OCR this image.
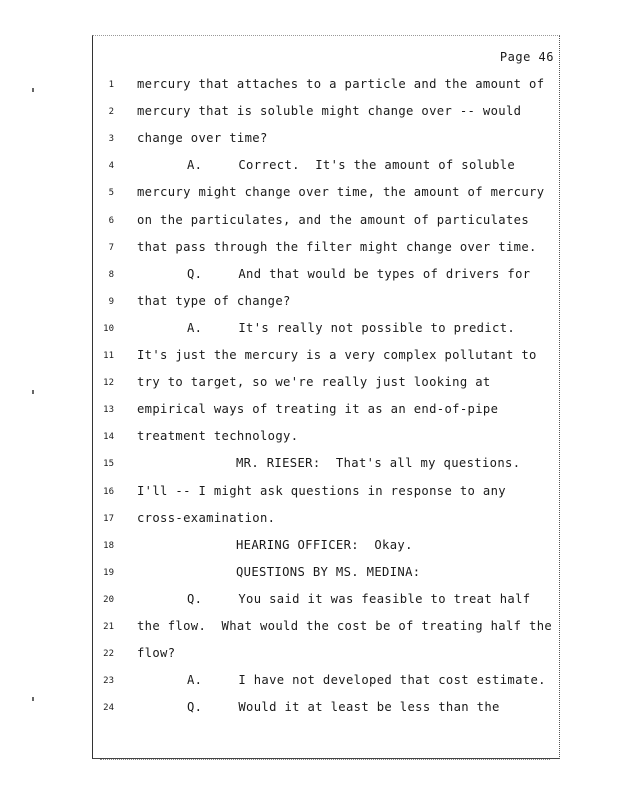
Page 46
1 mercury that attaches to a particle and the amount of
2 mercury that is soluble might change over -- would
3 change over time?
4	A.	Correct.  It's the amount of soluble
5 mercury might change over time, the amount of mercury
6 on the particulates, and the amount of particulates
7 that pass through the filter might change over time.
8	Q.	And that would be types of drivers for
9 that type of change?
10	A.	It's really not possible to predict.
11 It's just the mercury is a very complex pollutant to
12 try to target, so we're really just looking at
13 empirical ways of treating it as an end-of-pipe
14 treatment technology.
15	MR. RIESER:  That's all my questions.
16 I'll -- I might ask questions in response to any
17 cross-examination.
18	HEARING OFFICER:  Okay.
19	QUESTIONS BY MS. MEDINA:
20	Q.	You said it was feasible to treat half
21 the flow.  What would the cost be of treating half the
22 flow?
23	A.	I have not developed that cost estimate.
24	Q.	Would it at least be less than the
